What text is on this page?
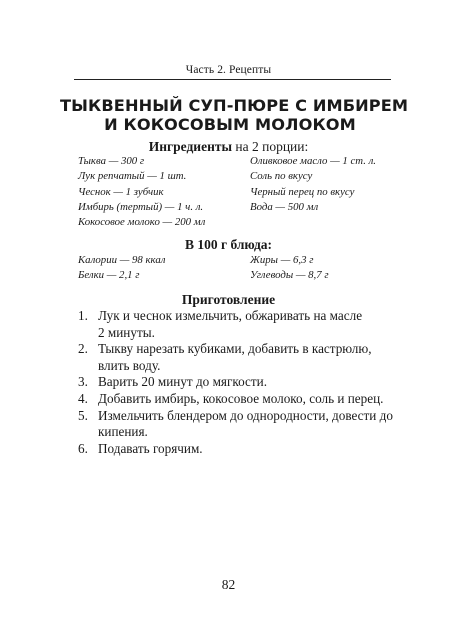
Часть 2. Рецепты
ТЫКВЕННЫЙ СУП-ПЮРЕ С ИМБИРЕМ
И КОКОСОВЫМ МОЛОКОМ
Ингредиенты на 2 порции:
Тыква — 300 г
Лук репчатый — 1 шт.
Чеснок — 1 зубчик
Имбирь (тертый) — 1 ч. л.
Кокосовое молоко — 200 мл
Оливковое масло — 1 ст. л.
Соль по вкусу
Черный перец по вкусу
Вода — 500 мл
В 100 г блюда:
Калории — 98 ккал
Белки — 2,1 г
Жиры — 6,3 г
Углеводы — 8,7 г
Приготовление
1. Лук и чеснок измельчить, обжаривать на масле
2 минуты.
2. Тыкву нарезать кубиками, добавить в кастрюлю,
влить воду.
3. Варить 20 минут до мягкости.
4. Добавить имбирь, кокосовое молоко, соль и перец.
5. Измельчить блендером до однородности, довести до
кипения.
6. Подавать горячим.
82
